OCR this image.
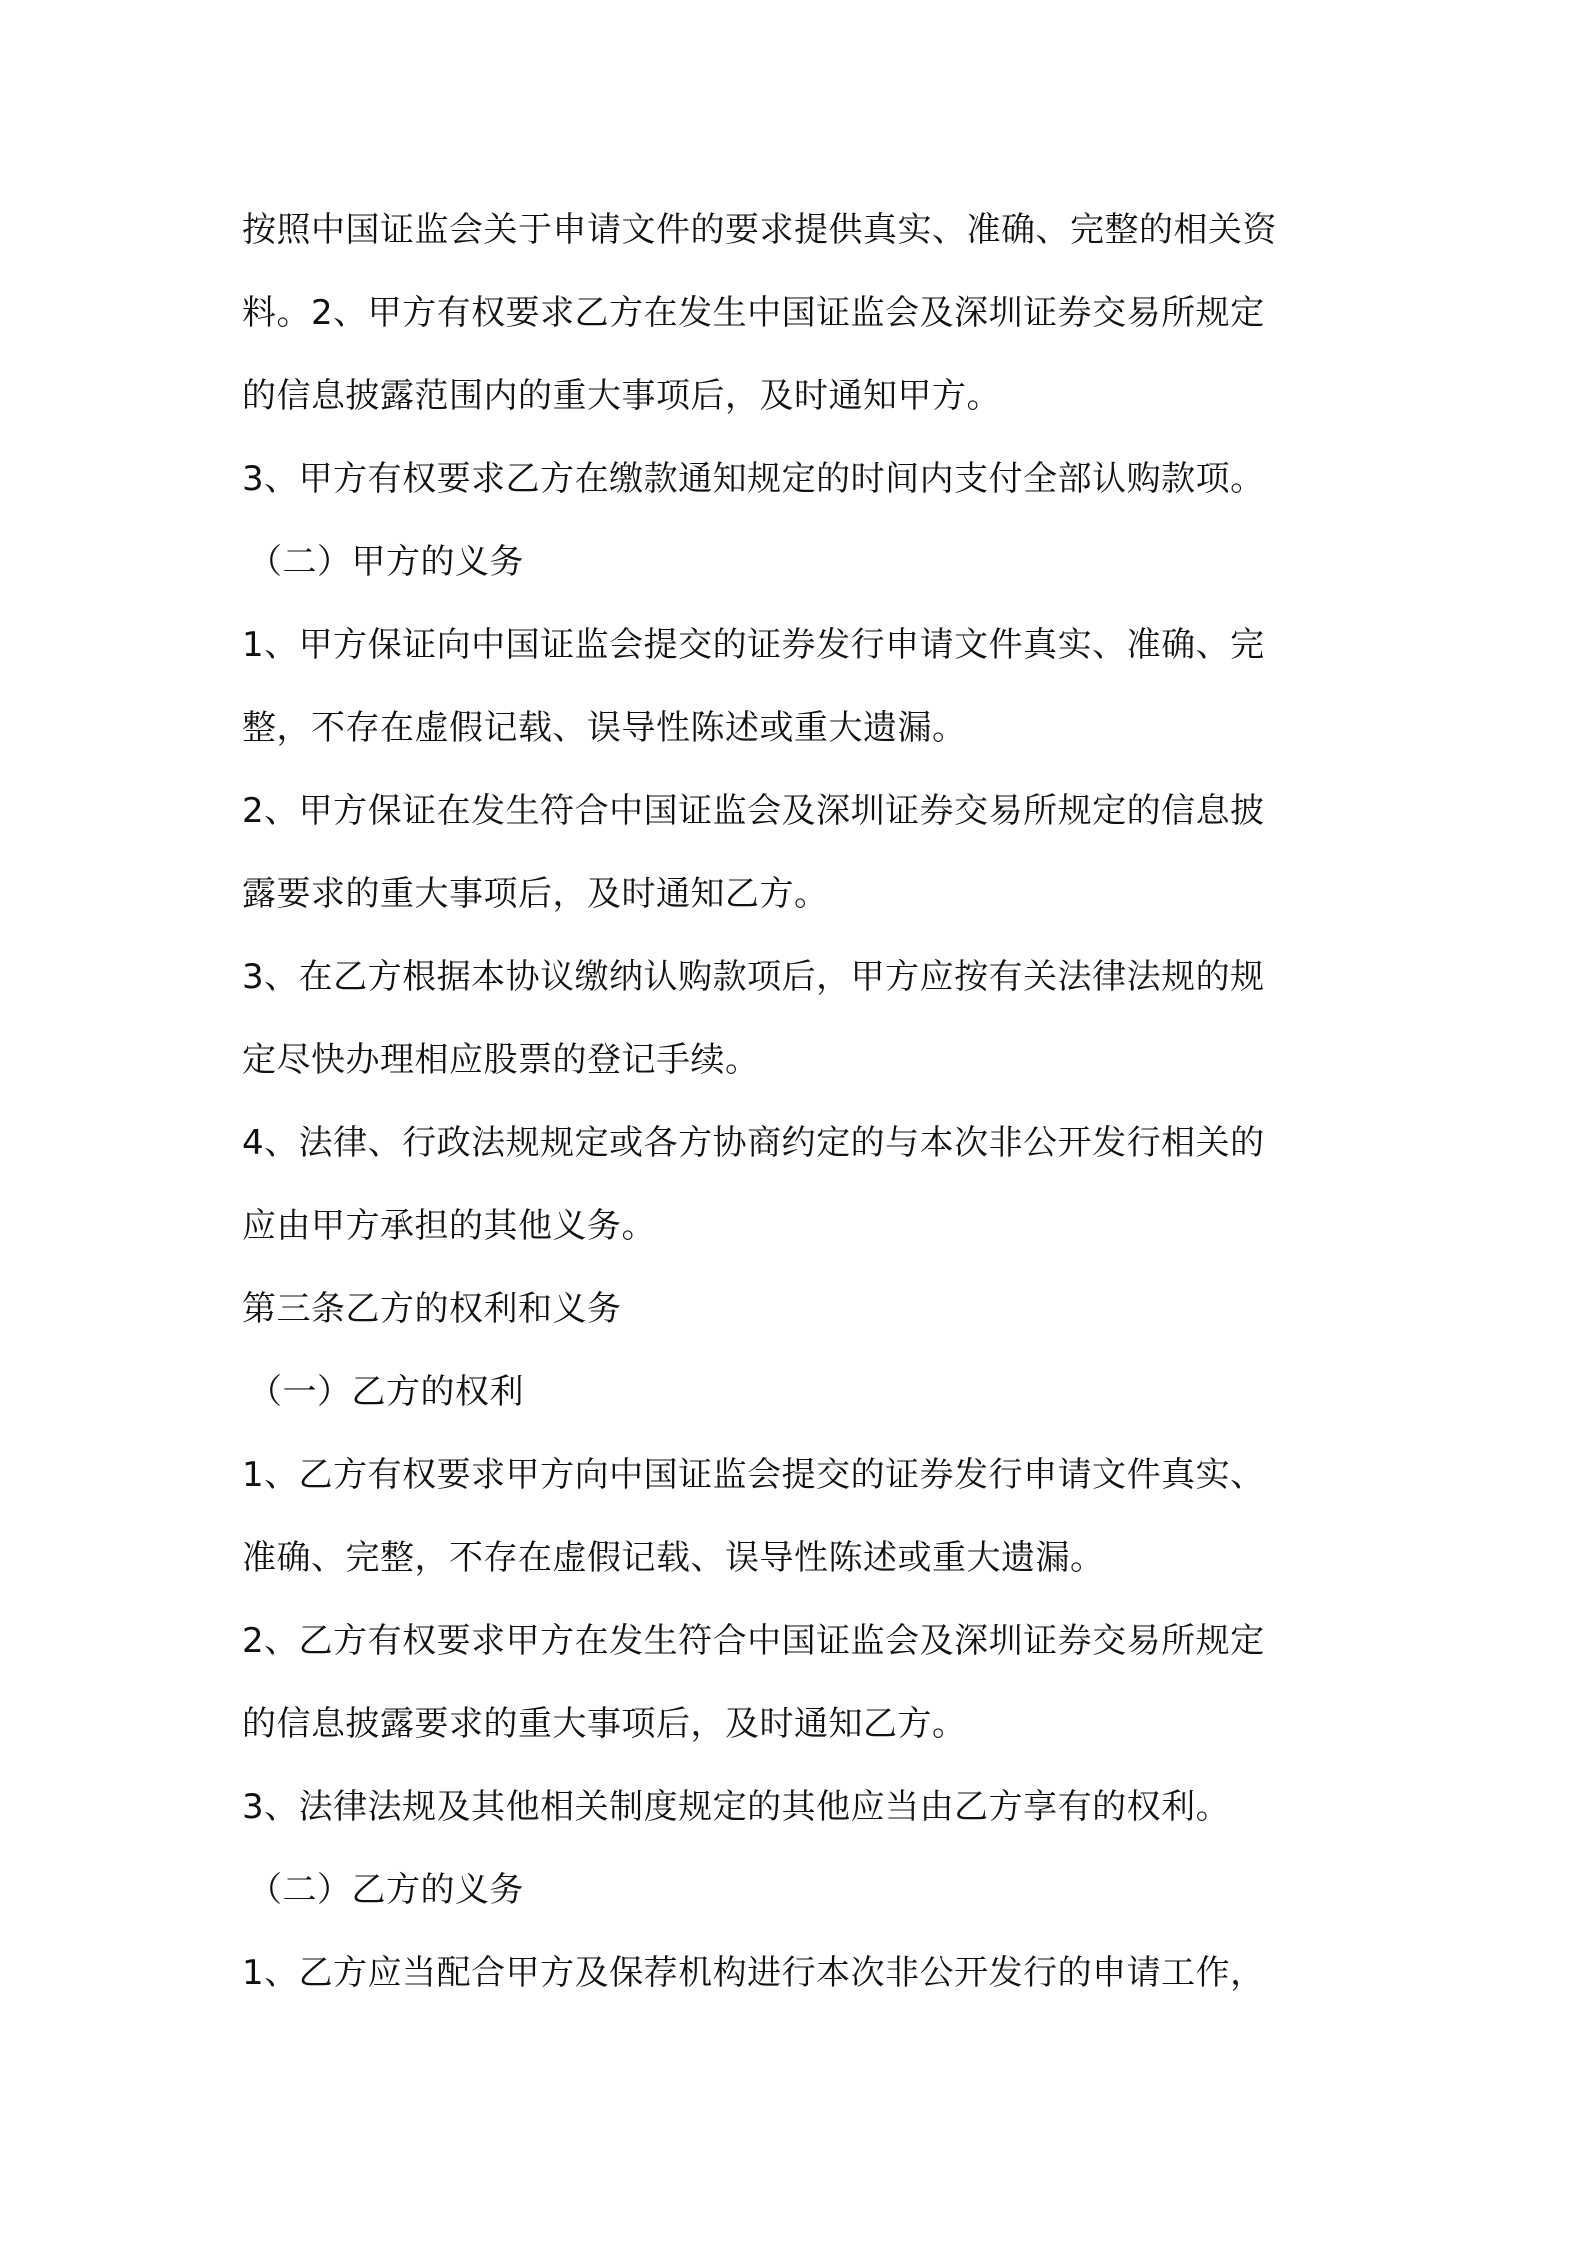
按照中国证监会关于申请文件的要求提供真实、准确、完整的相关资

料。2、甲方有权要求乙方在发生中国证监会及深圳证券交易所规定

的信息披露范围内的重大事项后，及时通知甲方。

3、甲方有权要求乙方在缴款通知规定的时间内支付全部认购款项。

（二）甲方的义务

1、甲方保证向中国证监会提交的证券发行申请文件真实、准确、完

整，不存在虚假记载、误导性陈述或重大遗漏。

2、甲方保证在发生符合中国证监会及深圳证券交易所规定的信息披

露要求的重大事项后，及时通知乙方。

3、在乙方根据本协议缴纳认购款项后，甲方应按有关法律法规的规

定尽快办理相应股票的登记手续。

4、法律、行政法规规定或各方协商约定的与本次非公开发行相关的

应由甲方承担的其他义务。

第三条乙方的权利和义务

（一）乙方的权利

1、乙方有权要求甲方向中国证监会提交的证券发行申请文件真实、

准确、完整，不存在虚假记载、误导性陈述或重大遗漏。

2、乙方有权要求甲方在发生符合中国证监会及深圳证券交易所规定

的信息披露要求的重大事项后，及时通知乙方。

3、法律法规及其他相关制度规定的其他应当由乙方享有的权利。

（二）乙方的义务

1、乙方应当配合甲方及保荐机构进行本次非公开发行的申请工作，
